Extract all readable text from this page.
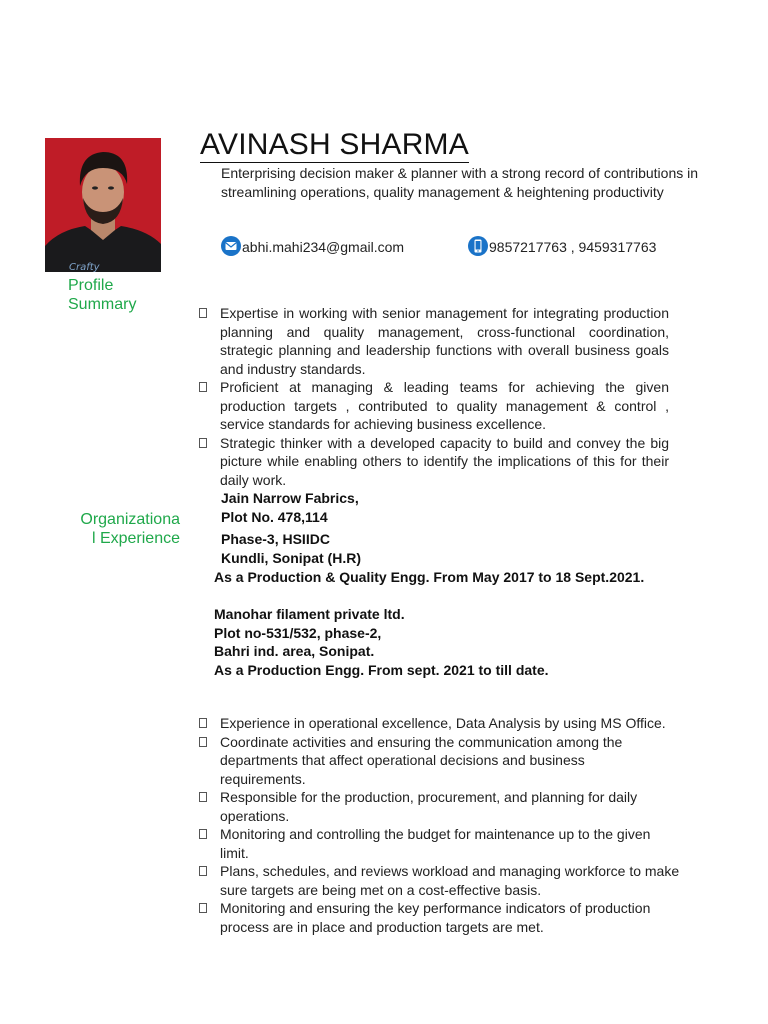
Crafty
AVINASH SHARMA
Enterprising decision maker & planner with a strong record of contributions in streamlining operations, quality management & heightening productivity
abhi.mahi234@gmail.com	9857217763 , 9459317763
Profile Summary
Organizationa
l Experience
Expertise in working with senior management for integrating production planning and quality management, cross-functional coordination, strategic planning and leadership functions with overall business goals and industry standards.
Proficient at managing & leading teams for achieving the given production targets , contributed to quality management & control , service standards for achieving business excellence.
Strategic thinker with a developed capacity to build and convey the big picture while enabling others to identify the implications of this for their daily work.
Jain Narrow Fabrics,
Plot No. 478,114
Phase-3, HSIIDC
Kundli, Sonipat (H.R)
As a Production & Quality Engg. From May 2017 to 18 Sept.2021.
Manohar filament private ltd.
Plot no-531/532, phase-2,
Bahri ind. area, Sonipat.
As a Production Engg. From sept. 2021 to till date.
Experience in operational excellence, Data Analysis by using MS Office.
Coordinate activities and ensuring the communication among the departments that affect operational decisions and business requirements.
Responsible for the production, procurement, and planning for daily operations.
Monitoring and controlling the budget for maintenance up to the given limit.
Plans, schedules, and reviews workload and managing workforce to make sure targets are being met on a cost-effective basis.
Monitoring and ensuring the key performance indicators of production process are in place and production targets are met.
